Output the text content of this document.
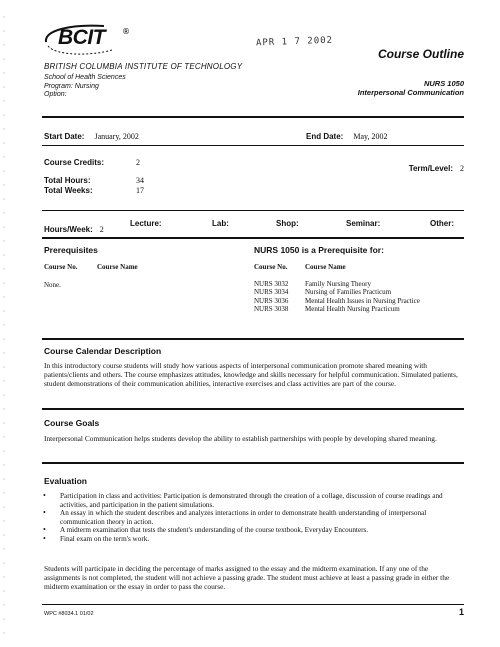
®
BCIT
BRITISH COLUMBIA INSTITUTE OF TECHNOLOGY
School of Health Sciences
Program: Nursing
Option:
APR 1 7 2002
Course Outline
NURS 1050
Interpersonal Communication
Start Date: January, 2002	End Date: May, 2002
Course Credits:	2
Term/Level: 2
Total Hours:	34
Total Weeks:	17
Hours/Week: 2
Lecture:	Lab:	Shop:	Seminar:	Other:
Prerequisites
Course No.	Course Name
None.
NURS 1050 is a Prerequisite for:
Course No.	Course Name
NURS 3032 Family Nursing Theory
NURS 3034 Nursing of Families Practicum
NURS 3036 Mental Health Issues in Nursing Practice
NURS 3038 Mental Health Nursing Practicum
Course Calendar Description
In this introductory course students will study how various aspects of interpersonal communication promote shared meaning with patients/clients and others. The course emphasizes attitudes, knowledge and skills necessary for helpful communication. Simulated patients, student demonstrations of their communication abilities, interactive exercises and class activities are part of the course.
Course Goals
Interpersonal Communication helps students develop the ability to establish partnerships with people by developing shared meaning.
Evaluation
• Participation in class and activities: Participation is demonstrated through the creation of a collage, discussion of course readings and activities, and participation in the patient simulations.
• An essay in which the student describes and analyzes interactions in order to demonstrate health understanding of interpersonal communication theory in action.
• A midterm examination that tests the student's understanding of the course textbook, Everyday Encounters.
• Final exam on the term's work.
Students will participate in deciding the percentage of marks assigned to the essay and the midterm examination. If any one of the assignments is not completed, the student will not achieve a passing grade. The student must achieve at least a passing grade in either the midterm examination or the essay in order to pass the course.
WPC #8034.1 01/02	1
